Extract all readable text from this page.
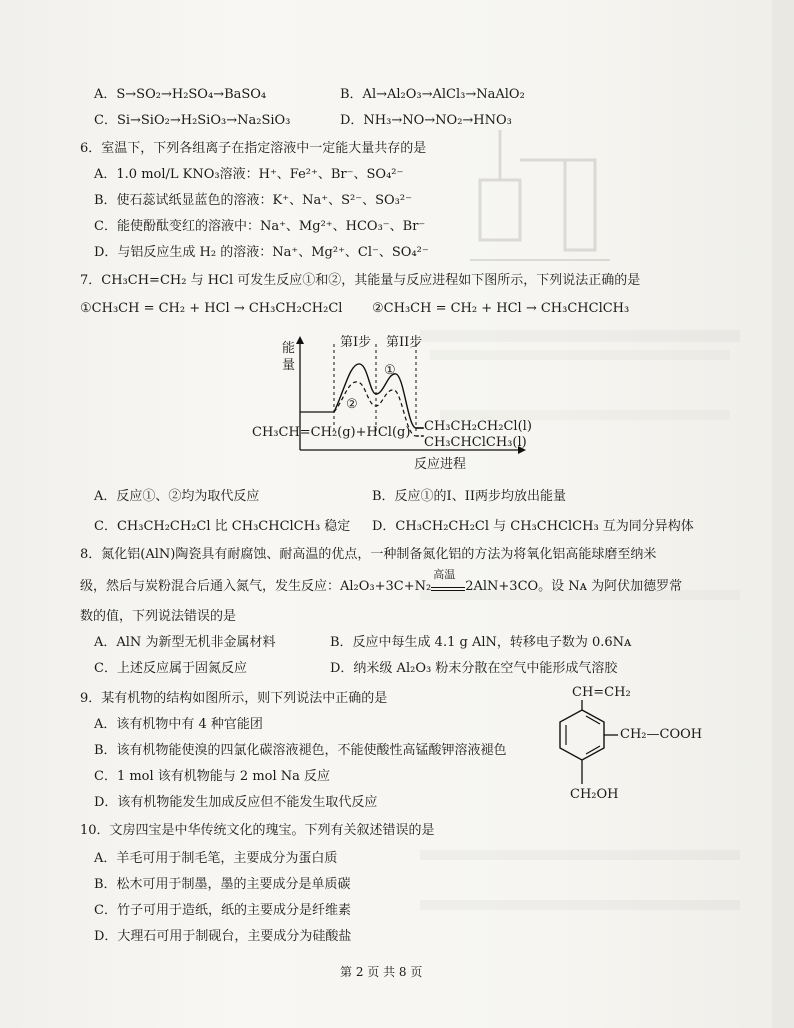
A．S→SO₂→H₂SO₄→BaSO₄	B．Al→Al₂O₃→AlCl₃→NaAlO₂
C．Si→SiO₂→H₂SiO₃→Na₂SiO₃	D．NH₃→NO→NO₂→HNO₃
6．室温下，下列各组离子在指定溶液中一定能大量共存的是
A．1.0 mol/L KNO₃溶液：H⁺、Fe²⁺、Br⁻、SO₄²⁻
B．使石蕊试纸显蓝色的溶液：K⁺、Na⁺、S²⁻、SO₃²⁻
C．能使酚酞变红的溶液中：Na⁺、Mg²⁺、HCO₃⁻、Br⁻
D．与铝反应生成 H₂ 的溶液：Na⁺、Mg²⁺、Cl⁻、SO₄²⁻
7．CH₃CH=CH₂ 与 HCl 可发生反应①和②，其能量与反应进程如下图所示，下列说法正确的是
①CH₃CH = CH₂ + HCl → CH₃CH₂CH₂Cl ②CH₃CH = CH₂ + HCl → CH₃CHClCH₃
能量
第I步 第II步
①
②
CH₃CH=CH₂(g)+HCl(g) CH₃CH₂CH₂Cl(l)
CH₃CHClCH₃(l)
反应进程
A．反应①、②均为取代反应	B．反应①的I、II两步均放出能量
C．CH₃CH₂CH₂Cl 比 CH₃CHClCH₃ 稳定 D．CH₃CH₂CH₂Cl 与 CH₃CHClCH₃ 互为同分异构体
8．氮化铝(AlN)陶瓷具有耐腐蚀、耐高温的优点，一种制备氮化铝的方法为将氧化铝高能球磨至纳米
级，然后与炭粉混合后通入氮气，发生反应：Al₂O₃+3C+N₂
高温
2AlN+3CO。设 Nᴀ 为阿伏加德罗常
数的值，下列说法错误的是
A．AlN 为新型无机非金属材料	B．反应中每生成 4.1 g AlN，转移电子数为 0.6Nᴀ
C．上述反应属于固氮反应	D．纳米级 Al₂O₃ 粉末分散在空气中能形成气溶胶
9．某有机物的结构如图所示，则下列说法中正确的是
A．该有机物中有 4 种官能团
B．该有机物能使溴的四氯化碳溶液褪色，不能使酸性高锰酸钾溶液褪色
C．1 mol 该有机物能与 2 mol Na 反应
D．该有机物能发生加成反应但不能发生取代反应
CH=CH₂
CH₂—COOH
CH₂OH
10．文房四宝是中华传统文化的瑰宝。下列有关叙述错误的是
A．羊毛可用于制毛笔，主要成分为蛋白质
B．松木可用于制墨，墨的主要成分是单质碳
C．竹子可用于造纸，纸的主要成分是纤维素
D．大理石可用于制砚台，主要成分为硅酸盐
第 2 页 共 8 页
